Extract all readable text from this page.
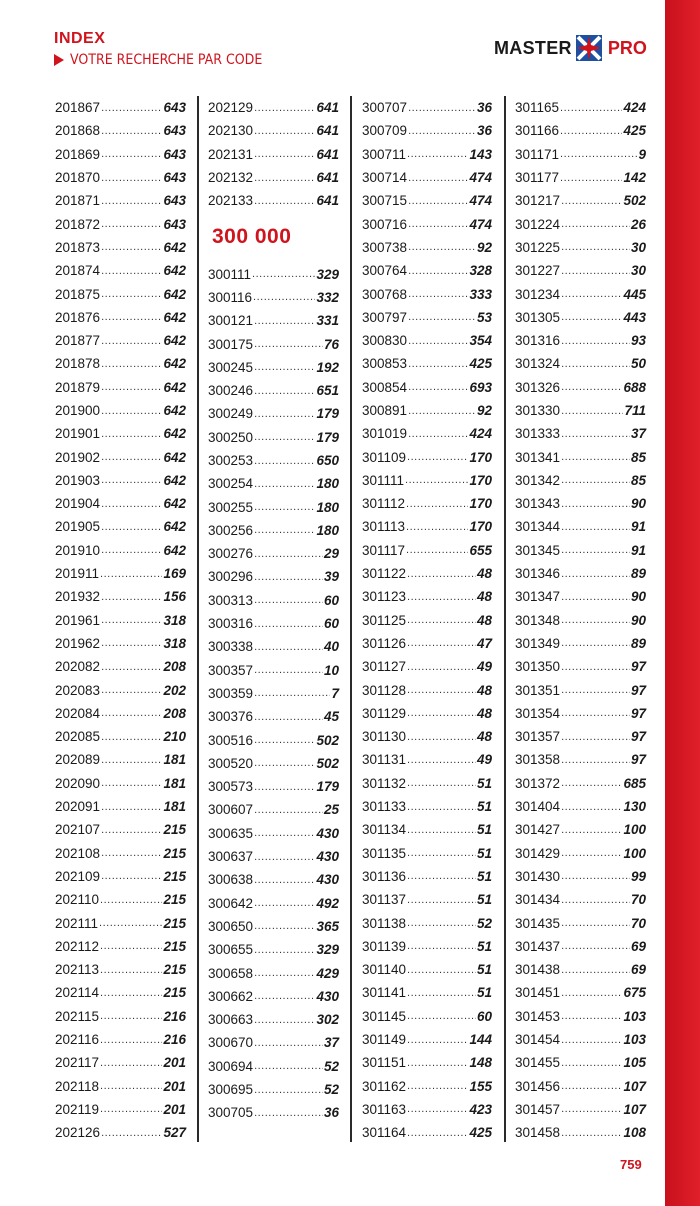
INDEX
VOTRE RECHERCHE PAR CODE
MASTER PRO
201867 .....	643
201868 .....	643
201869 .....	643
201870 .....	643
201871 .....	643
201872 .....	643
201873 .....	642
201874 .....	642
201875 .....	642
201876 .....	642
201877 .....	642
201878 .....	642
201879 .....	642
201900 .....	642
201901 .....	642
201902 .....	642
201903 .....	642
201904 .....	642
201905 .....	642
201910 .....	642
201911 .....	169
201932 .....	156
201961 .....	318
201962 .....	318
202082 .....	208
202083 .....	202
202084 .....	208
202085 .....	210
202089 .....	181
202090 .....	181
202091 .....	181
202107 .....	215
202108 .....	215
202109 .....	215
202110 .....	215
202111 .....	215
202112 .....	215
202113 .....	215
202114 .....	215
202115 .....	216
202116 .....	216
202117 .....	201
202118 .....	201
202119 .....	201
202126 .....	527
202129 .....	641
202130 .....	641
202131 .....	641
202132 .....	641
202133 .....	641
300 000
300111 .....	329
300116 .....	332
300121 .....	331
300175 .....	76
300245 .....	192
300246 .....	651
300249 .....	179
300250 .....	179
300253 .....	650
300254 .....	180
300255 .....	180
300256 .....	180
300276 .....	29
300296 .....	39
300313 .....	60
300316 .....	60
300338 .....	40
300357 .....	10
300359 .....	7
300376 .....	45
300516 .....	502
300520 .....	502
300573 .....	179
300607 .....	25
300635 .....	430
300637 .....	430
300638 .....	430
300642 .....	492
300650 .....	365
300655 .....	329
300658 .....	429
300662 .....	430
300663 .....	302
300670 .....	37
300694 .....	52
300695 .....	52
300705 .....	36
300707 .....	36
300709 .....	36
300711 .....	143
300714 .....	474
300715 .....	474
300716 .....	474
300738 .....	92
300764 .....	328
300768 .....	333
300797 .....	53
300830 .....	354
300853 .....	425
300854 .....	693
300891 .....	92
301019 .....	424
301109 .....	170
301111 .....	170
301112 .....	170
301113 .....	170
301117 .....	655
301122 .....	48
301123 .....	48
301125 .....	48
301126 .....	47
301127 .....	49
301128 .....	48
301129 .....	48
301130 .....	48
301131 .....	49
301132 .....	51
301133 .....	51
301134 .....	51
301135 .....	51
301136 .....	51
301137 .....	51
301138 .....	52
301139 .....	51
301140 .....	51
301141 .....	51
301145 .....	60
301149 .....	144
301151 .....	148
301162 .....	155
301163 .....	423
301164 .....	425
301165 .....	424
301166 .....	425
301171 .....	9
301177 .....	142
301217 .....	502
301224 .....	26
301225 .....	30
301227 .....	30
301234 .....	445
301305 .....	443
301316 .....	93
301324 .....	50
301326 .....	688
301330 .....	711
301333 .....	37
301341 .....	85
301342 .....	85
301343 .....	90
301344 .....	91
301345 .....	91
301346 .....	89
301347 .....	90
301348 .....	90
301349 .....	89
301350 .....	97
301351 .....	97
301354 .....	97
301357 .....	97
301358 .....	97
301372 .....	685
301404 .....	130
301427 .....	100
301429 .....	100
301430 .....	99
301434 .....	70
301435 .....	70
301437 .....	69
301438 .....	69
301451 .....	675
301453 .....	103
301454 .....	103
301455 .....	105
301456 .....	107
301457 .....	107
301458 .....	108
759
